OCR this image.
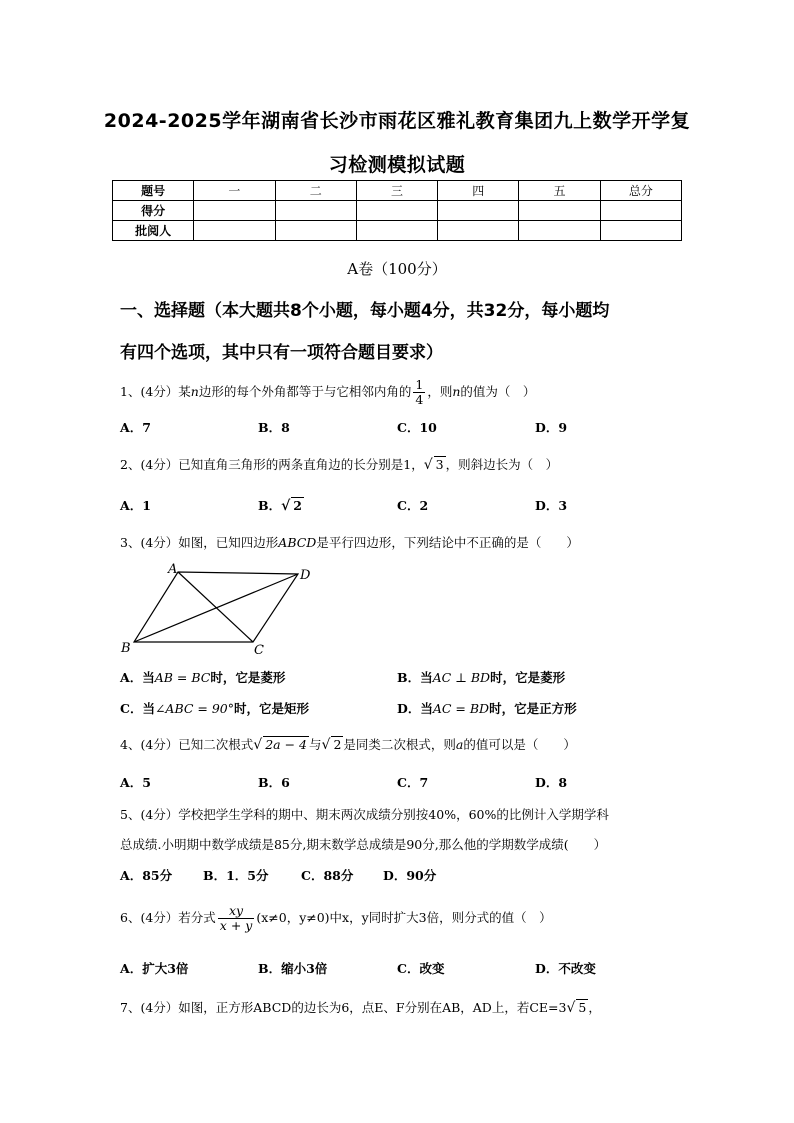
2024-2025学年湖南省长沙市雨花区雅礼教育集团九上数学开学复
习检测模拟试题
题号	一	二	三	四	五	总分
得分						
批阅人						
A卷（100分）
一、选择题（本大题共8个小题，每小题4分，共32分，每小题均
有四个选项，其中只有一项符合题目要求）
1、(4分）某n边形的每个外角都等于与它相邻内角的 $\frac{1}{4}$ ，则n的值为（　）
A．7	B．8	C．10	D．9
2、(4分）已知直角三角形的两条直角边的长分别是1，√ 3 ，则斜边长为（　）
A．1	B．√ 2	C．2	D．3
3、(4分）如图，已知四边形ABCD是平行四边形，下列结论中不正确的是（　　）
A	D
B	C
A．当AB = BC时，它是菱形	B．当AC ⊥ BD时，它是菱形
C．当∠ABC = 90°时，它是矩形	D．当AC = BD时，它是正方形
4、(4分）已知二次根式√ 2a − 4 与√ 2 是同类二次根式，则a的值可以是（　　）
A．5	B．6	C．7	D．8
5、(4分）学校把学生学科的期中、期末两次成绩分别按40%，60%的比例计入学期学科
总成绩.小明期中数学成绩是85分,期末数学总成绩是90分,那么他的学期数学成绩(　　）
A．85分 B．1．5分	C．88分 D．90分
6、(4分）若分式 $\frac{xy}{x + y} (x\ne 0$，y≠0)中x，y同时扩大3倍，则分式的值（　）
A．扩大3倍	B．缩小3倍	C．改变	D．不改变
7、(4分）如图，正方形ABCD的边长为6，点E、F分别在AB，AD上，若CE=3√ 5 ，
